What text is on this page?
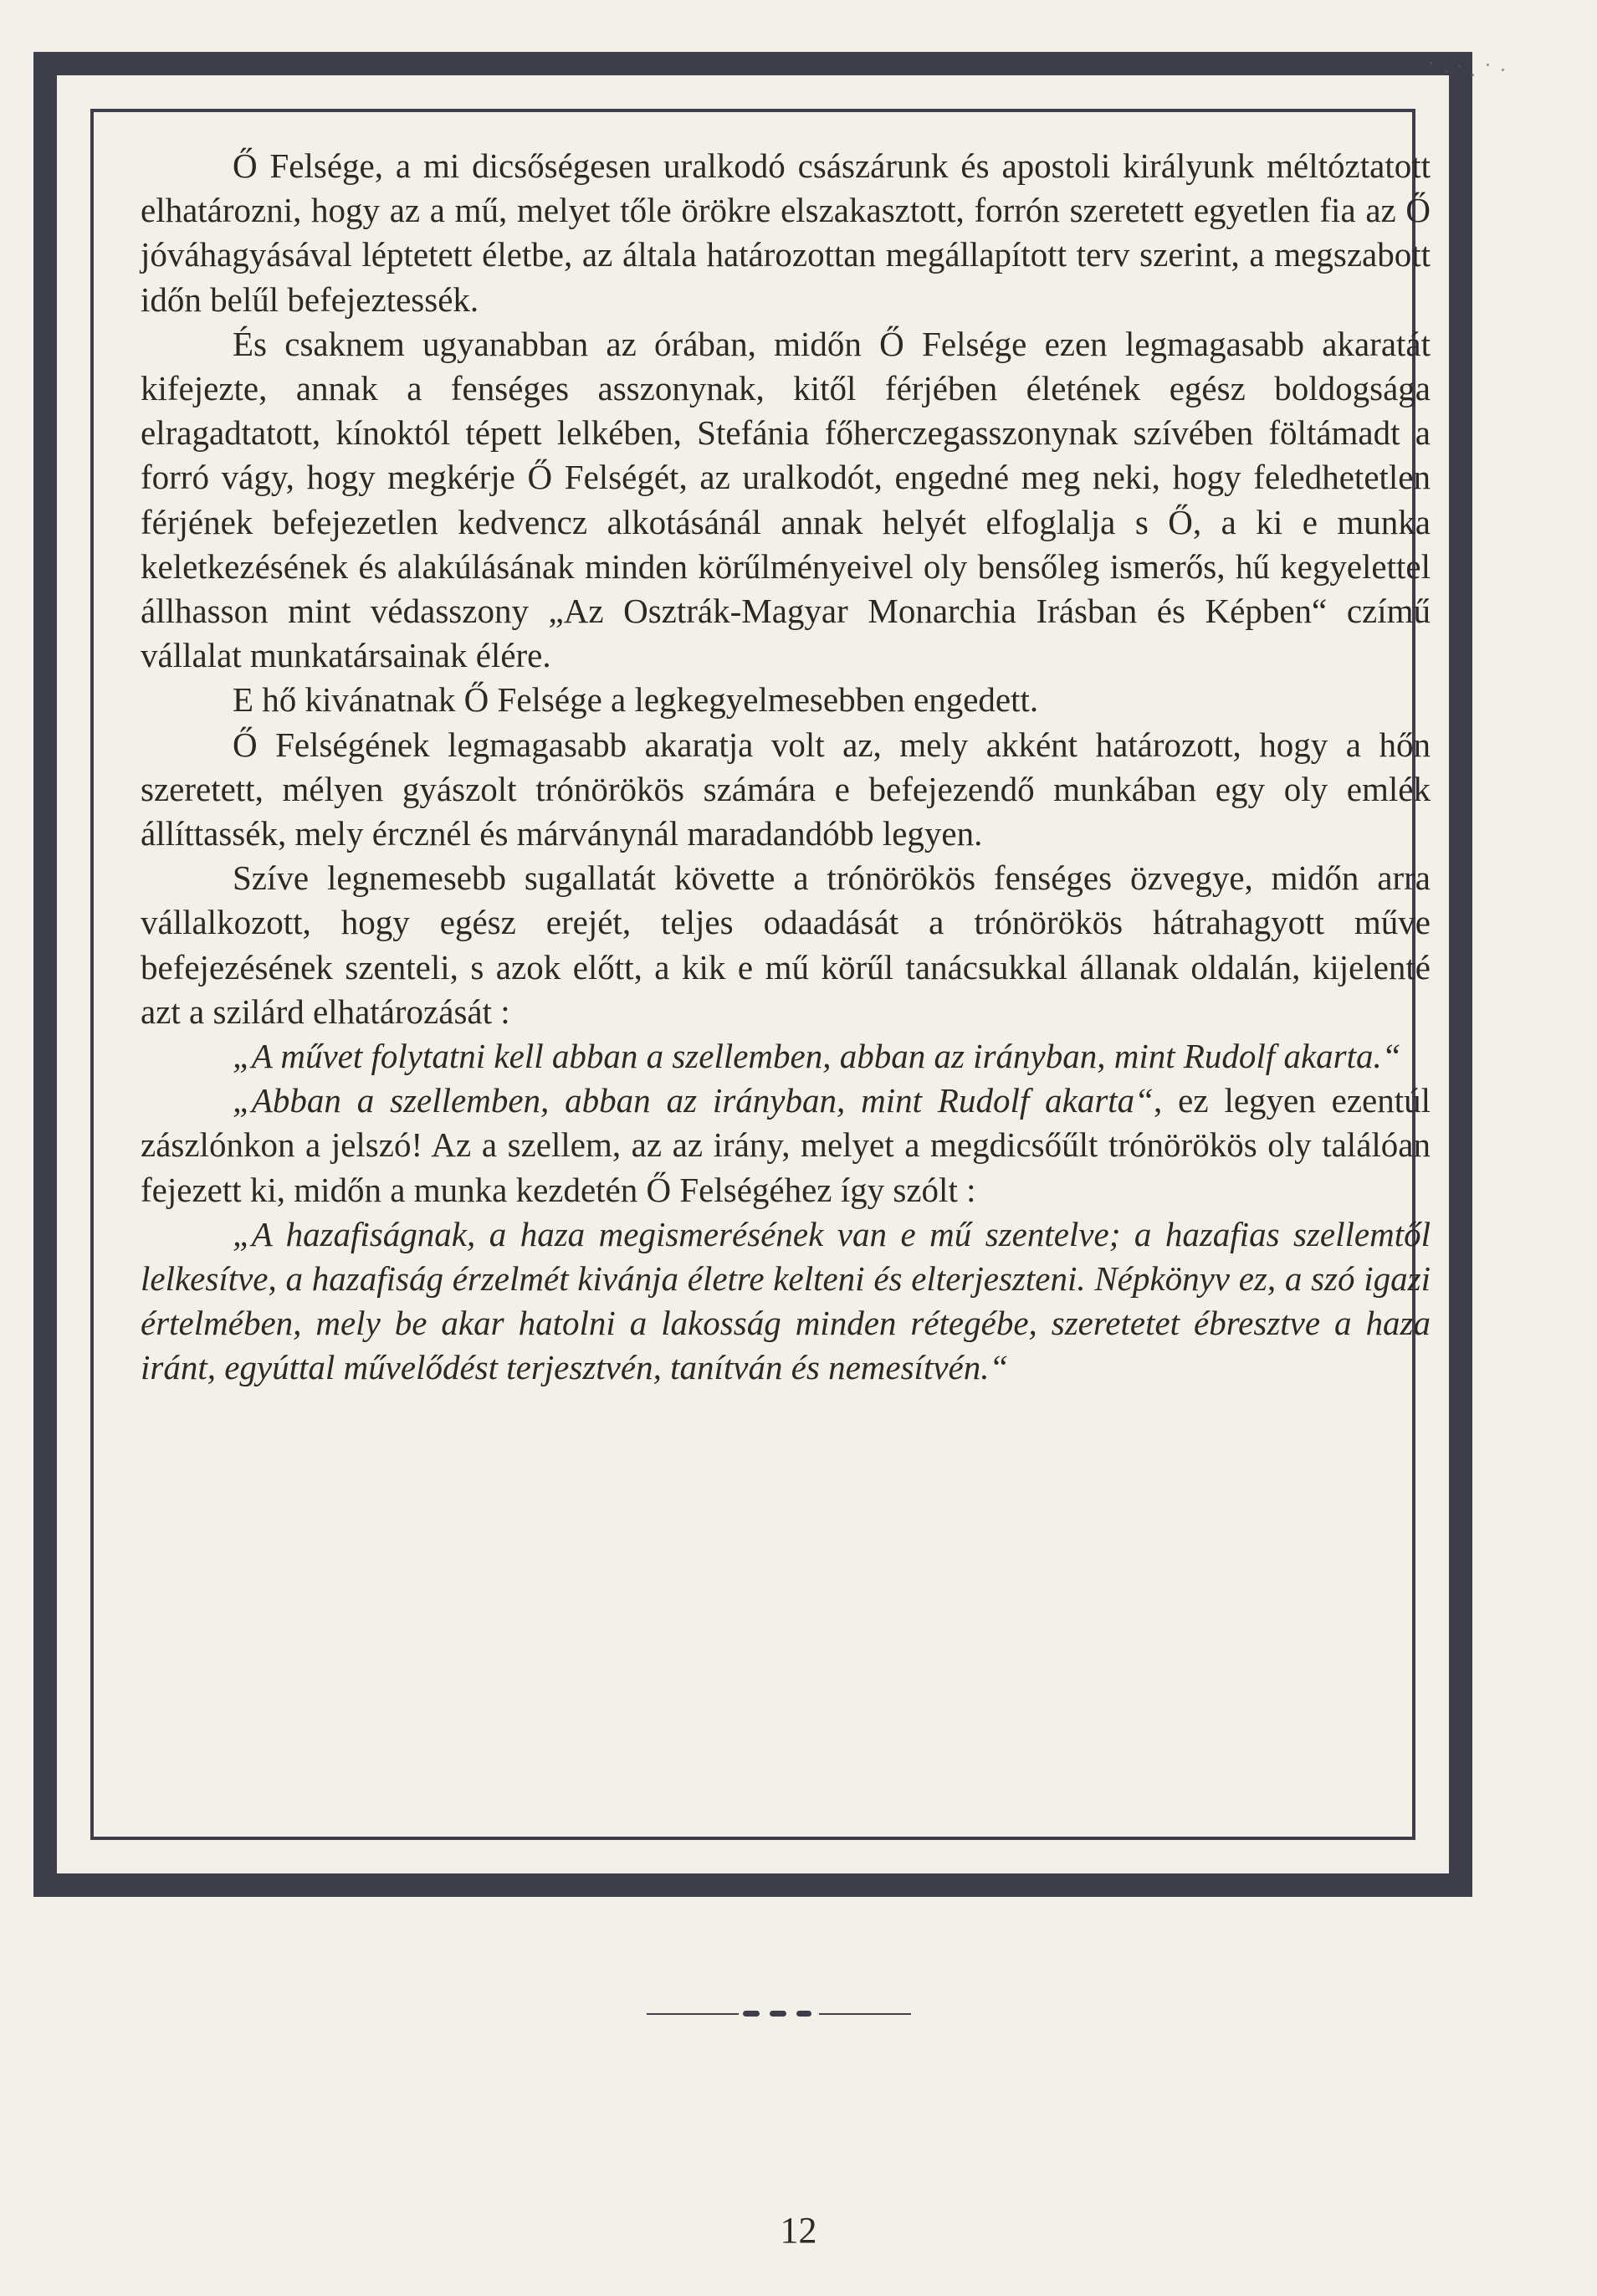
Ő Felsége, a mi dicsőségesen uralkodó császárunk és apostoli királyunk méltóztatott elhatározni, hogy az a mű, melyet tőle örökre elszakasztott, forrón szeretett egyetlen fia az Ő jóváhagyásával léptetett életbe, az általa határozottan megállapított terv szerint, a megszabott időn belűl befejeztessék.

És csaknem ugyanabban az órában, midőn Ő Felsége ezen legmagasabb akaratát kifejezte, annak a fenséges asszonynak, kitől férjében életének egész boldogsága elragadtatott, kínoktól tépett lelkében, Stefánia főherczegasszonynak szívében föltámadt a forró vágy, hogy megkérje Ő Felségét, az uralkodót, engedné meg neki, hogy feledhetetlen férjének befejezetlen kedvencz alkotásánál annak helyét elfoglalja s Ő, a ki e munka keletkezésének és alakúlásának minden körűlményeivel oly bensőleg ismerős, hű kegyelettel állhasson mint védasszony „Az Osztrák-Magyar Monarchia Irásban és Képben“ czímű vállalat munkatársainak élére.

E hő kivánatnak Ő Felsége a legkegyelmesebben engedett.

Ő Felségének legmagasabb akaratja volt az, mely akként határozott, hogy a hőn szeretett, mélyen gyászolt trónörökös számára e befejezendő munkában egy oly emlék állíttassék, mely ércznél és márványnál maradandóbb legyen.

Szíve legnemesebb sugallatát követte a trónörökös fenséges özvegye, midőn arra vállalkozott, hogy egész erejét, teljes odaadását a trónörökös hátrahagyott műve befejezésének szenteli, s azok előtt, a kik e mű körűl tanácsukkal állanak oldalán, kijelenté azt a szilárd elhatározását :

„A művet folytatni kell abban a szellemben, abban az irányban, mint Rudolf akarta.“

„Abban a szellemben, abban az irányban, mint Rudolf akarta“, ez legyen ezentúl zászlónkon a jelszó! Az a szellem, az az irány, melyet a megdicsőűlt trónörökös oly találóan fejezett ki, midőn a munka kezdetén Ő Felségéhez így szólt :

„A hazafiságnak, a haza megismerésének van e mű szentelve; a hazafias szellemtől lelkesítve, a hazafiság érzelmét kivánja életre kelteni és elterjeszteni. Népkönyv ez, a szó igazi értelmében, mely be akar hatolni a lakosság minden rétegébe, szeretetet ébresztve a haza iránt, egyúttal művelődést terjesztvén, tanítván és nemesítvén.“

12
